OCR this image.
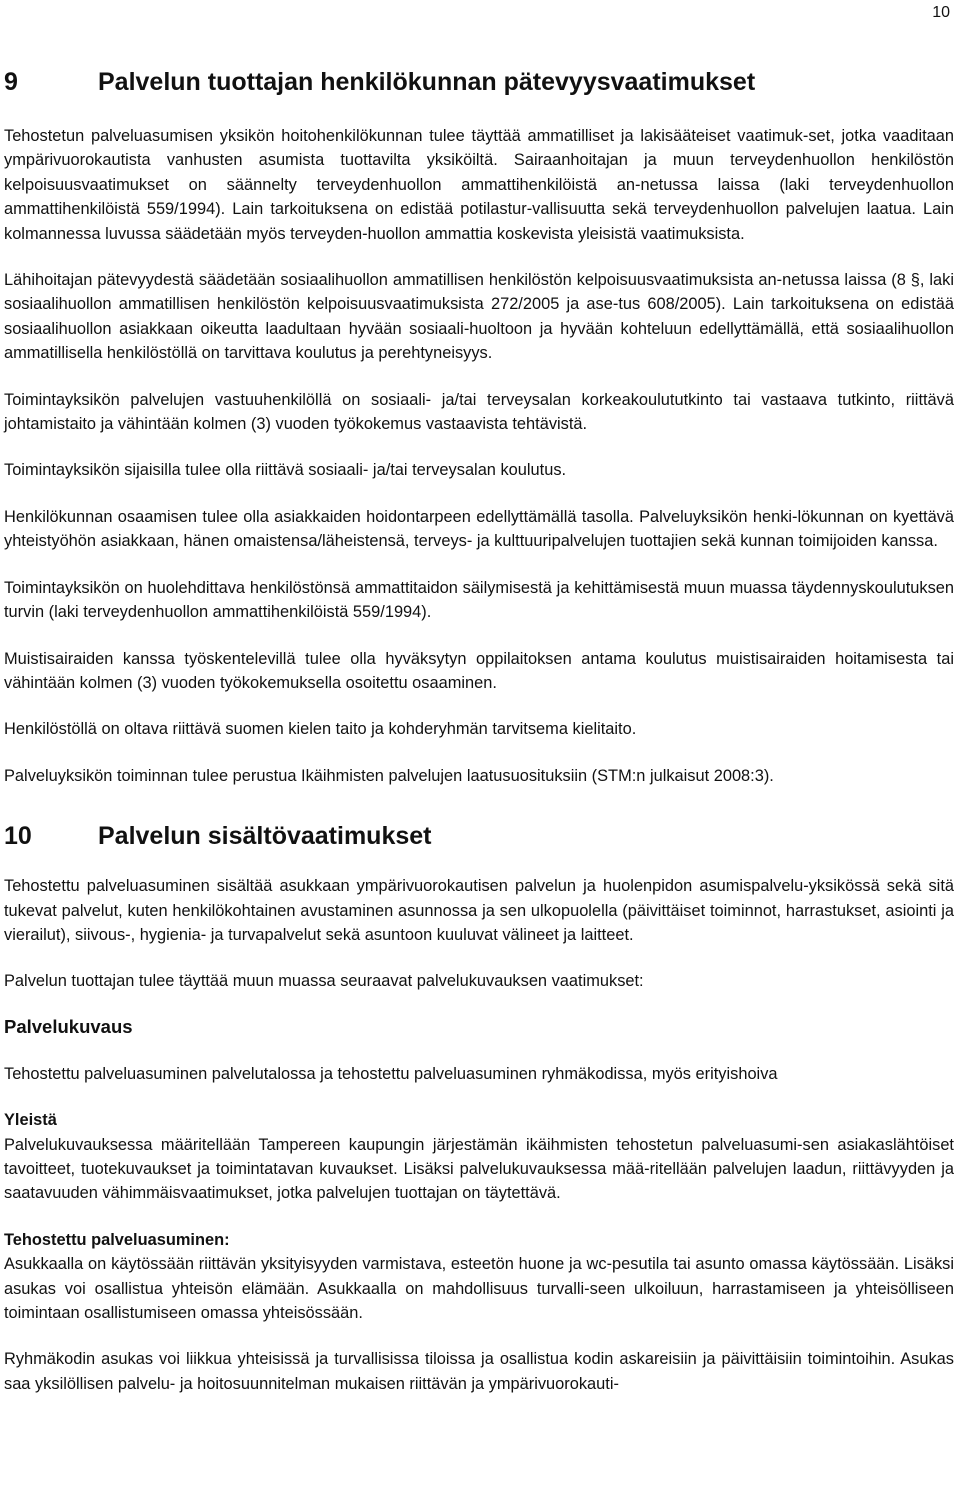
10
9	Palvelun tuottajan henkilökunnan pätevyysvaatimukset

Tehostetun palveluasumisen yksikön hoitohenkilökunnan tulee täyttää ammatilliset ja lakisääteiset vaatimuk-set, jotka vaaditaan ympärivuorokautista vanhusten asumista tuottavilta yksiköiltä. Sairaanhoitajan ja muun terveydenhuollon henkilöstön kelpoisuusvaatimukset on säännelty terveydenhuollon ammattihenkilöistä an-netussa laissa (laki terveydenhuollon ammattihenkilöistä 559/1994). Lain tarkoituksena on edistää potilastur-vallisuutta sekä terveydenhuollon palvelujen laatua. Lain kolmannessa luvussa säädetään myös terveyden-huollon ammattia koskevista yleisistä vaatimuksista.

Lähihoitajan pätevyydestä säädetään sosiaalihuollon ammatillisen henkilöstön kelpoisuusvaatimuksista an-netussa laissa (8 §, laki sosiaalihuollon ammatillisen henkilöstön kelpoisuusvaatimuksista 272/2005 ja ase-tus 608/2005). Lain tarkoituksena on edistää sosiaalihuollon asiakkaan oikeutta laadultaan hyvään sosiaali-huoltoon ja hyvään kohteluun edellyttämällä, että sosiaalihuollon ammatillisella henkilöstöllä on tarvittava koulutus ja perehtyneisyys.

Toimintayksikön palvelujen vastuuhenkilöllä on sosiaali- ja/tai terveysalan korkeakoulututkinto tai vastaava tutkinto, riittävä johtamistaito ja vähintään kolmen (3) vuoden työkokemus vastaavista tehtävistä.

Toimintayksikön sijaisilla tulee olla riittävä sosiaali- ja/tai terveysalan koulutus.

Henkilökunnan osaamisen tulee olla asiakkaiden hoidontarpeen edellyttämällä tasolla. Palveluyksikön henki-lökunnan on kyettävä yhteistyöhön asiakkaan, hänen omaistensa/läheistensä, terveys- ja kulttuuripalvelujen tuottajien sekä kunnan toimijoiden kanssa.

Toimintayksikön on huolehdittava henkilöstönsä ammattitaidon säilymisestä ja kehittämisestä muun muassa täydennyskoulutuksen turvin (laki terveydenhuollon ammattihenkilöistä 559/1994).

Muistisairaiden kanssa työskentelevillä tulee olla hyväksytyn oppilaitoksen antama koulutus muistisairaiden hoitamisesta tai vähintään kolmen (3) vuoden työkokemuksella osoitettu osaaminen.

Henkilöstöllä on oltava riittävä suomen kielen taito ja kohderyhmän tarvitsema kielitaito.

Palveluyksikön toiminnan tulee perustua Ikäihmisten palvelujen laatusuosituksiin (STM:n julkaisut 2008:3).

10	Palvelun sisältövaatimukset

Tehostettu palveluasuminen sisältää asukkaan ympärivuorokautisen palvelun ja huolenpidon asumispalvelu-yksikössä sekä sitä tukevat palvelut, kuten henkilökohtainen avustaminen asunnossa ja sen ulkopuolella (päivittäiset toiminnot, harrastukset, asiointi ja vierailut), siivous-, hygienia- ja turvapalvelut sekä asuntoon kuuluvat välineet ja laitteet.

Palvelun tuottajan tulee täyttää muun muassa seuraavat palvelukuvauksen vaatimukset:

Palvelukuvaus

Tehostettu palveluasuminen palvelutalossa ja tehostettu palveluasuminen ryhmäkodissa, myös erityishoiva

Yleistä

Palvelukuvauksessa määritellään Tampereen kaupungin järjestämän ikäihmisten tehostetun palveluasumi-sen asiakaslähtöiset tavoitteet, tuotekuvaukset ja toimintatavan kuvaukset. Lisäksi palvelukuvauksessa mää-ritellään palvelujen laadun, riittävyyden ja saatavuuden vähimmäisvaatimukset, jotka palvelujen tuottajan on täytettävä.

Tehostettu palveluasuminen:

Asukkaalla on käytössään riittävän yksityisyyden varmistava, esteetön huone ja wc-pesutila tai asunto omassa käytössään. Lisäksi asukas voi osallistua yhteisön elämään. Asukkaalla on mahdollisuus turvalli-seen ulkoiluun, harrastamiseen ja yhteisölliseen toimintaan osallistumiseen omassa yhteisössään.

Ryhmäkodin asukas voi liikkua yhteisissä ja turvallisissa tiloissa ja osallistua kodin askareisiin ja päivittäisiin toimintoihin. Asukas saa yksilöllisen palvelu- ja hoitosuunnitelman mukaisen riittävän ja ympärivuorokauti-
